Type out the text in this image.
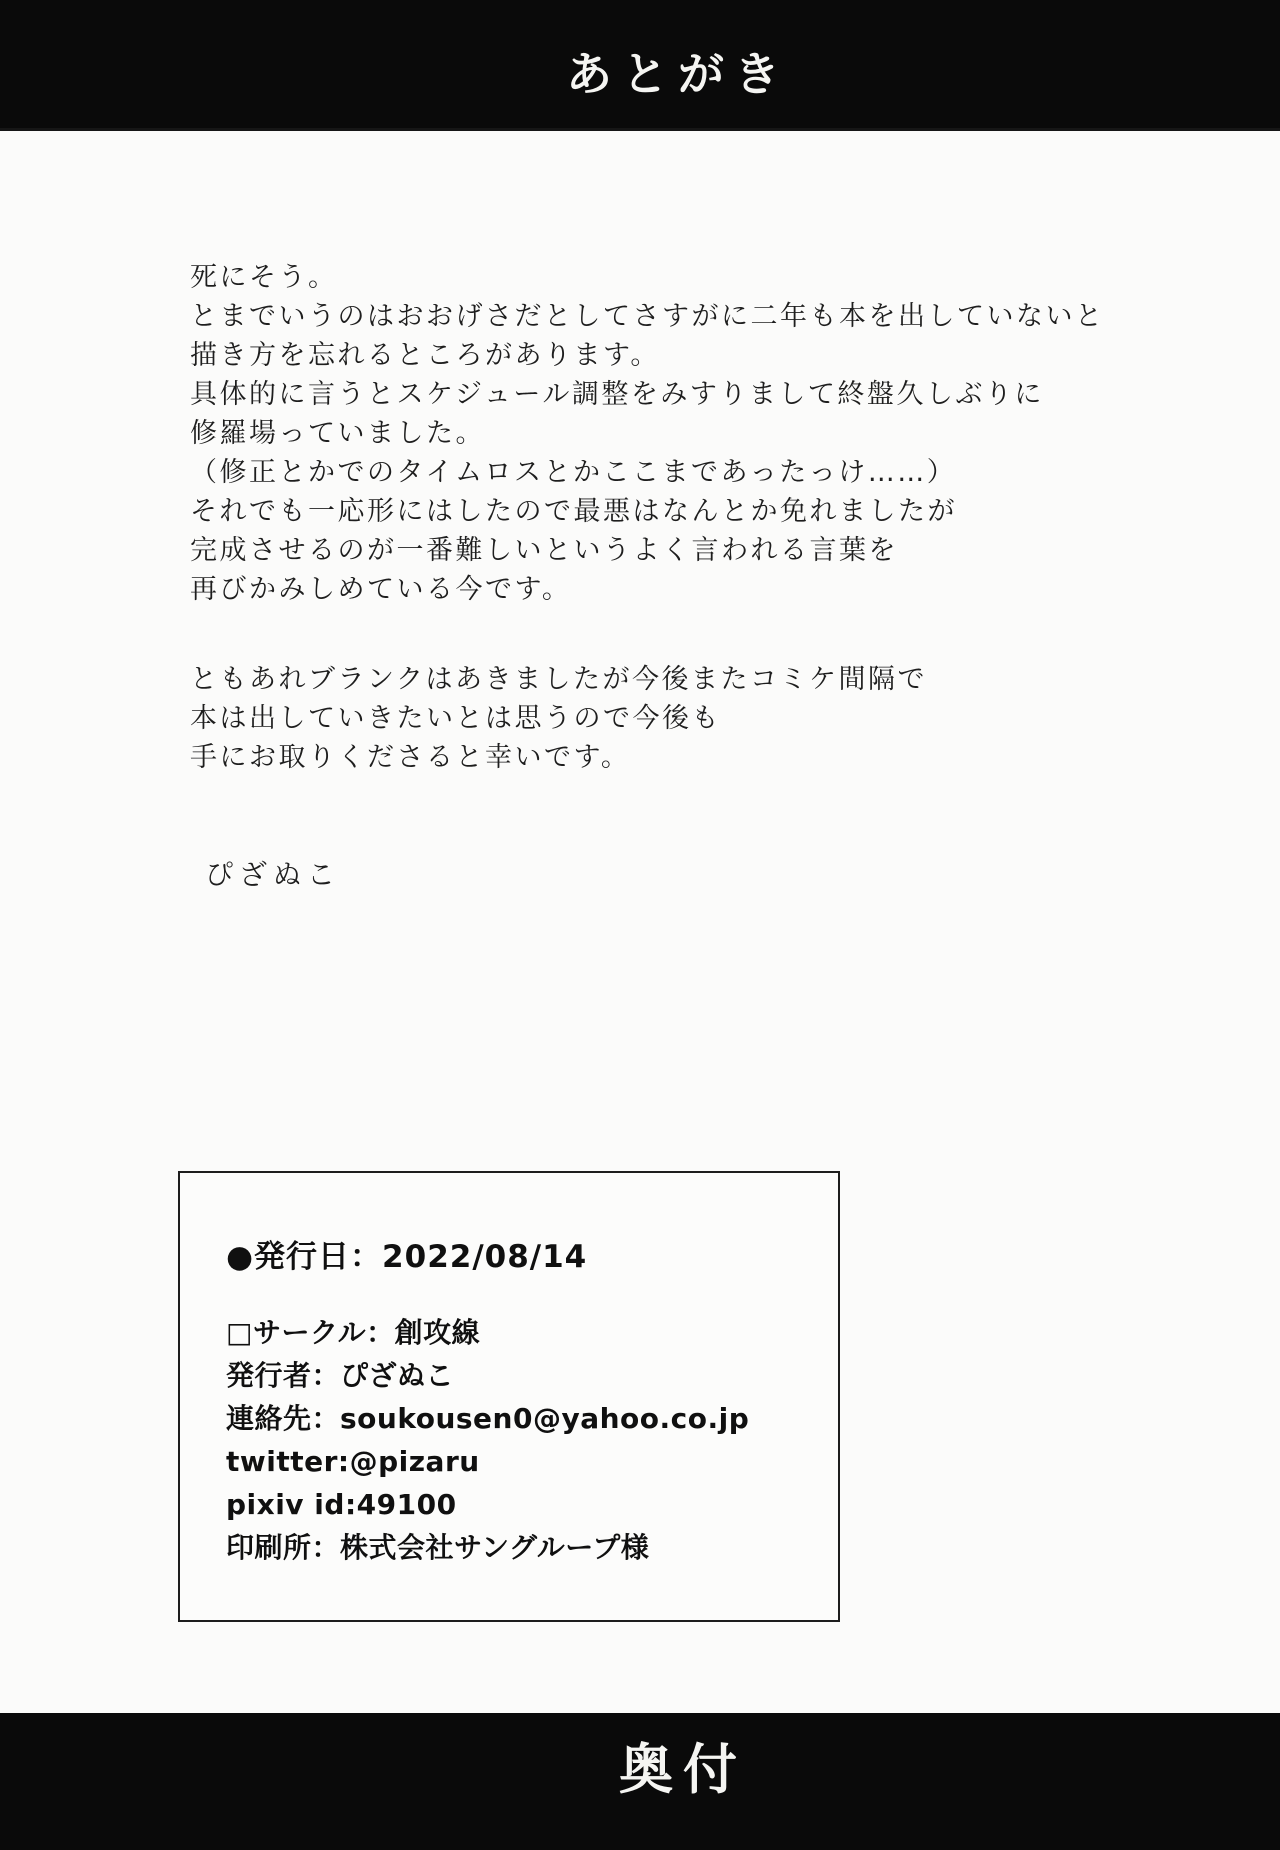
あとがき
死にそう。
とまでいうのはおおげさだとしてさすがに二年も本を出していないと
描き方を忘れるところがあります。
具体的に言うとスケジュール調整をみすりまして終盤久しぶりに
修羅場っていました。
（修正とかでのタイムロスとかここまであったっけ……）
それでも一応形にはしたので最悪はなんとか免れましたが
完成させるのが一番難しいというよく言われる言葉を
再びかみしめている今です。
ともあれブランクはあきましたが今後またコミケ間隔で
本は出していきたいとは思うので今後も
手にお取りくださると幸いです。
ぴざぬこ
●発行日：2022/08/14
□サークル：創攻線
発行者：ぴざぬこ
連絡先：soukousen0@yahoo.co.jp
twitter:@pizaru
pixiv id:49100
印刷所：株式会社サングループ様
奥付
